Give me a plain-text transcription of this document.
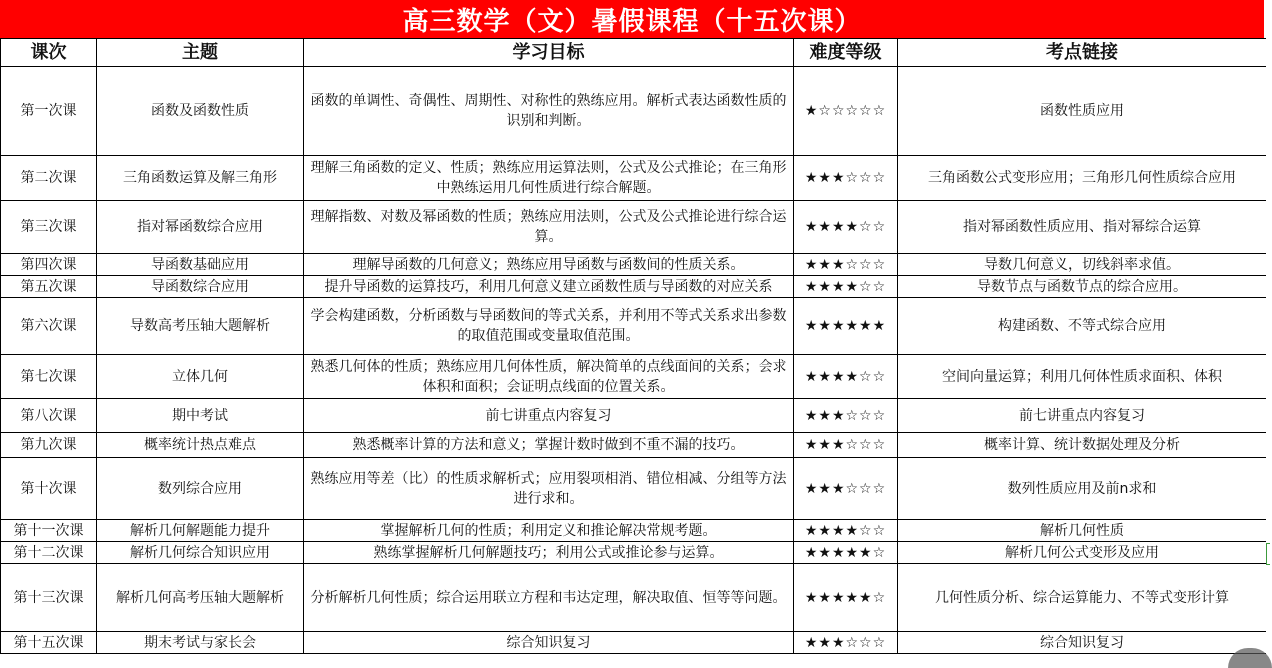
高三数学（文）暑假课程（十五次课）
课次	主题	学习目标	难度等级	考点链接
第一次课	函数及函数性质	函数的单调性、奇偶性、周期性、对称性的熟练应用。解析式表达函数性质的识别和判断。	★☆☆☆☆☆	函数性质应用
第二次课	三角函数运算及解三角形	理解三角函数的定义、性质；熟练应用运算法则，公式及公式推论；在三角形中熟练运用几何性质进行综合解题。	★★★☆☆☆	三角函数公式变形应用；三角形几何性质综合应用
第三次课	指对幂函数综合应用	理解指数、对数及幂函数的性质；熟练应用法则，公式及公式推论进行综合运算。	★★★★☆☆	指对幂函数性质应用、指对幂综合运算
第四次课	导函数基础应用	理解导函数的几何意义；熟练应用导函数与函数间的性质关系。	★★★☆☆☆	导数几何意义，切线斜率求值。
第五次课	导函数综合应用	提升导函数的运算技巧，利用几何意义建立函数性质与导函数的对应关系	★★★★☆☆	导数节点与函数节点的综合应用。
第六次课	导数高考压轴大题解析	学会构建函数，分析函数与导函数间的等式关系，并利用不等式关系求出参数的取值范围或变量取值范围。	★★★★★★	构建函数、不等式综合应用
第七次课	立体几何	熟悉几何体的性质；熟练应用几何体性质，解决简单的点线面间的关系；会求体积和面积；会证明点线面的位置关系。	★★★★☆☆	空间向量运算；利用几何体性质求面积、体积
第八次课	期中考试	前七讲重点内容复习	★★★☆☆☆	前七讲重点内容复习
第九次课	概率统计热点难点	熟悉概率计算的方法和意义；掌握计数时做到不重不漏的技巧。	★★★☆☆☆	概率计算、统计数据处理及分析
第十次课	数列综合应用	熟练应用等差（比）的性质求解析式；应用裂项相消、错位相减、分组等方法进行求和。	★★★☆☆☆	数列性质应用及前n求和
第十一次课	解析几何解题能力提升	掌握解析几何的性质；利用定义和推论解决常规考题。	★★★★☆☆	解析几何性质
第十二次课	解析几何综合知识应用	熟练掌握解析几何解题技巧；利用公式或推论参与运算。	★★★★★☆	解析几何公式变形及应用
第十三次课	解析几何高考压轴大题解析	分析解析几何性质；综合运用联立方程和韦达定理，解决取值、恒等等问题。	★★★★★☆	几何性质分析、综合运算能力、不等式变形计算
第十五次课	期末考试与家长会	综合知识复习	★★★☆☆☆	综合知识复习
